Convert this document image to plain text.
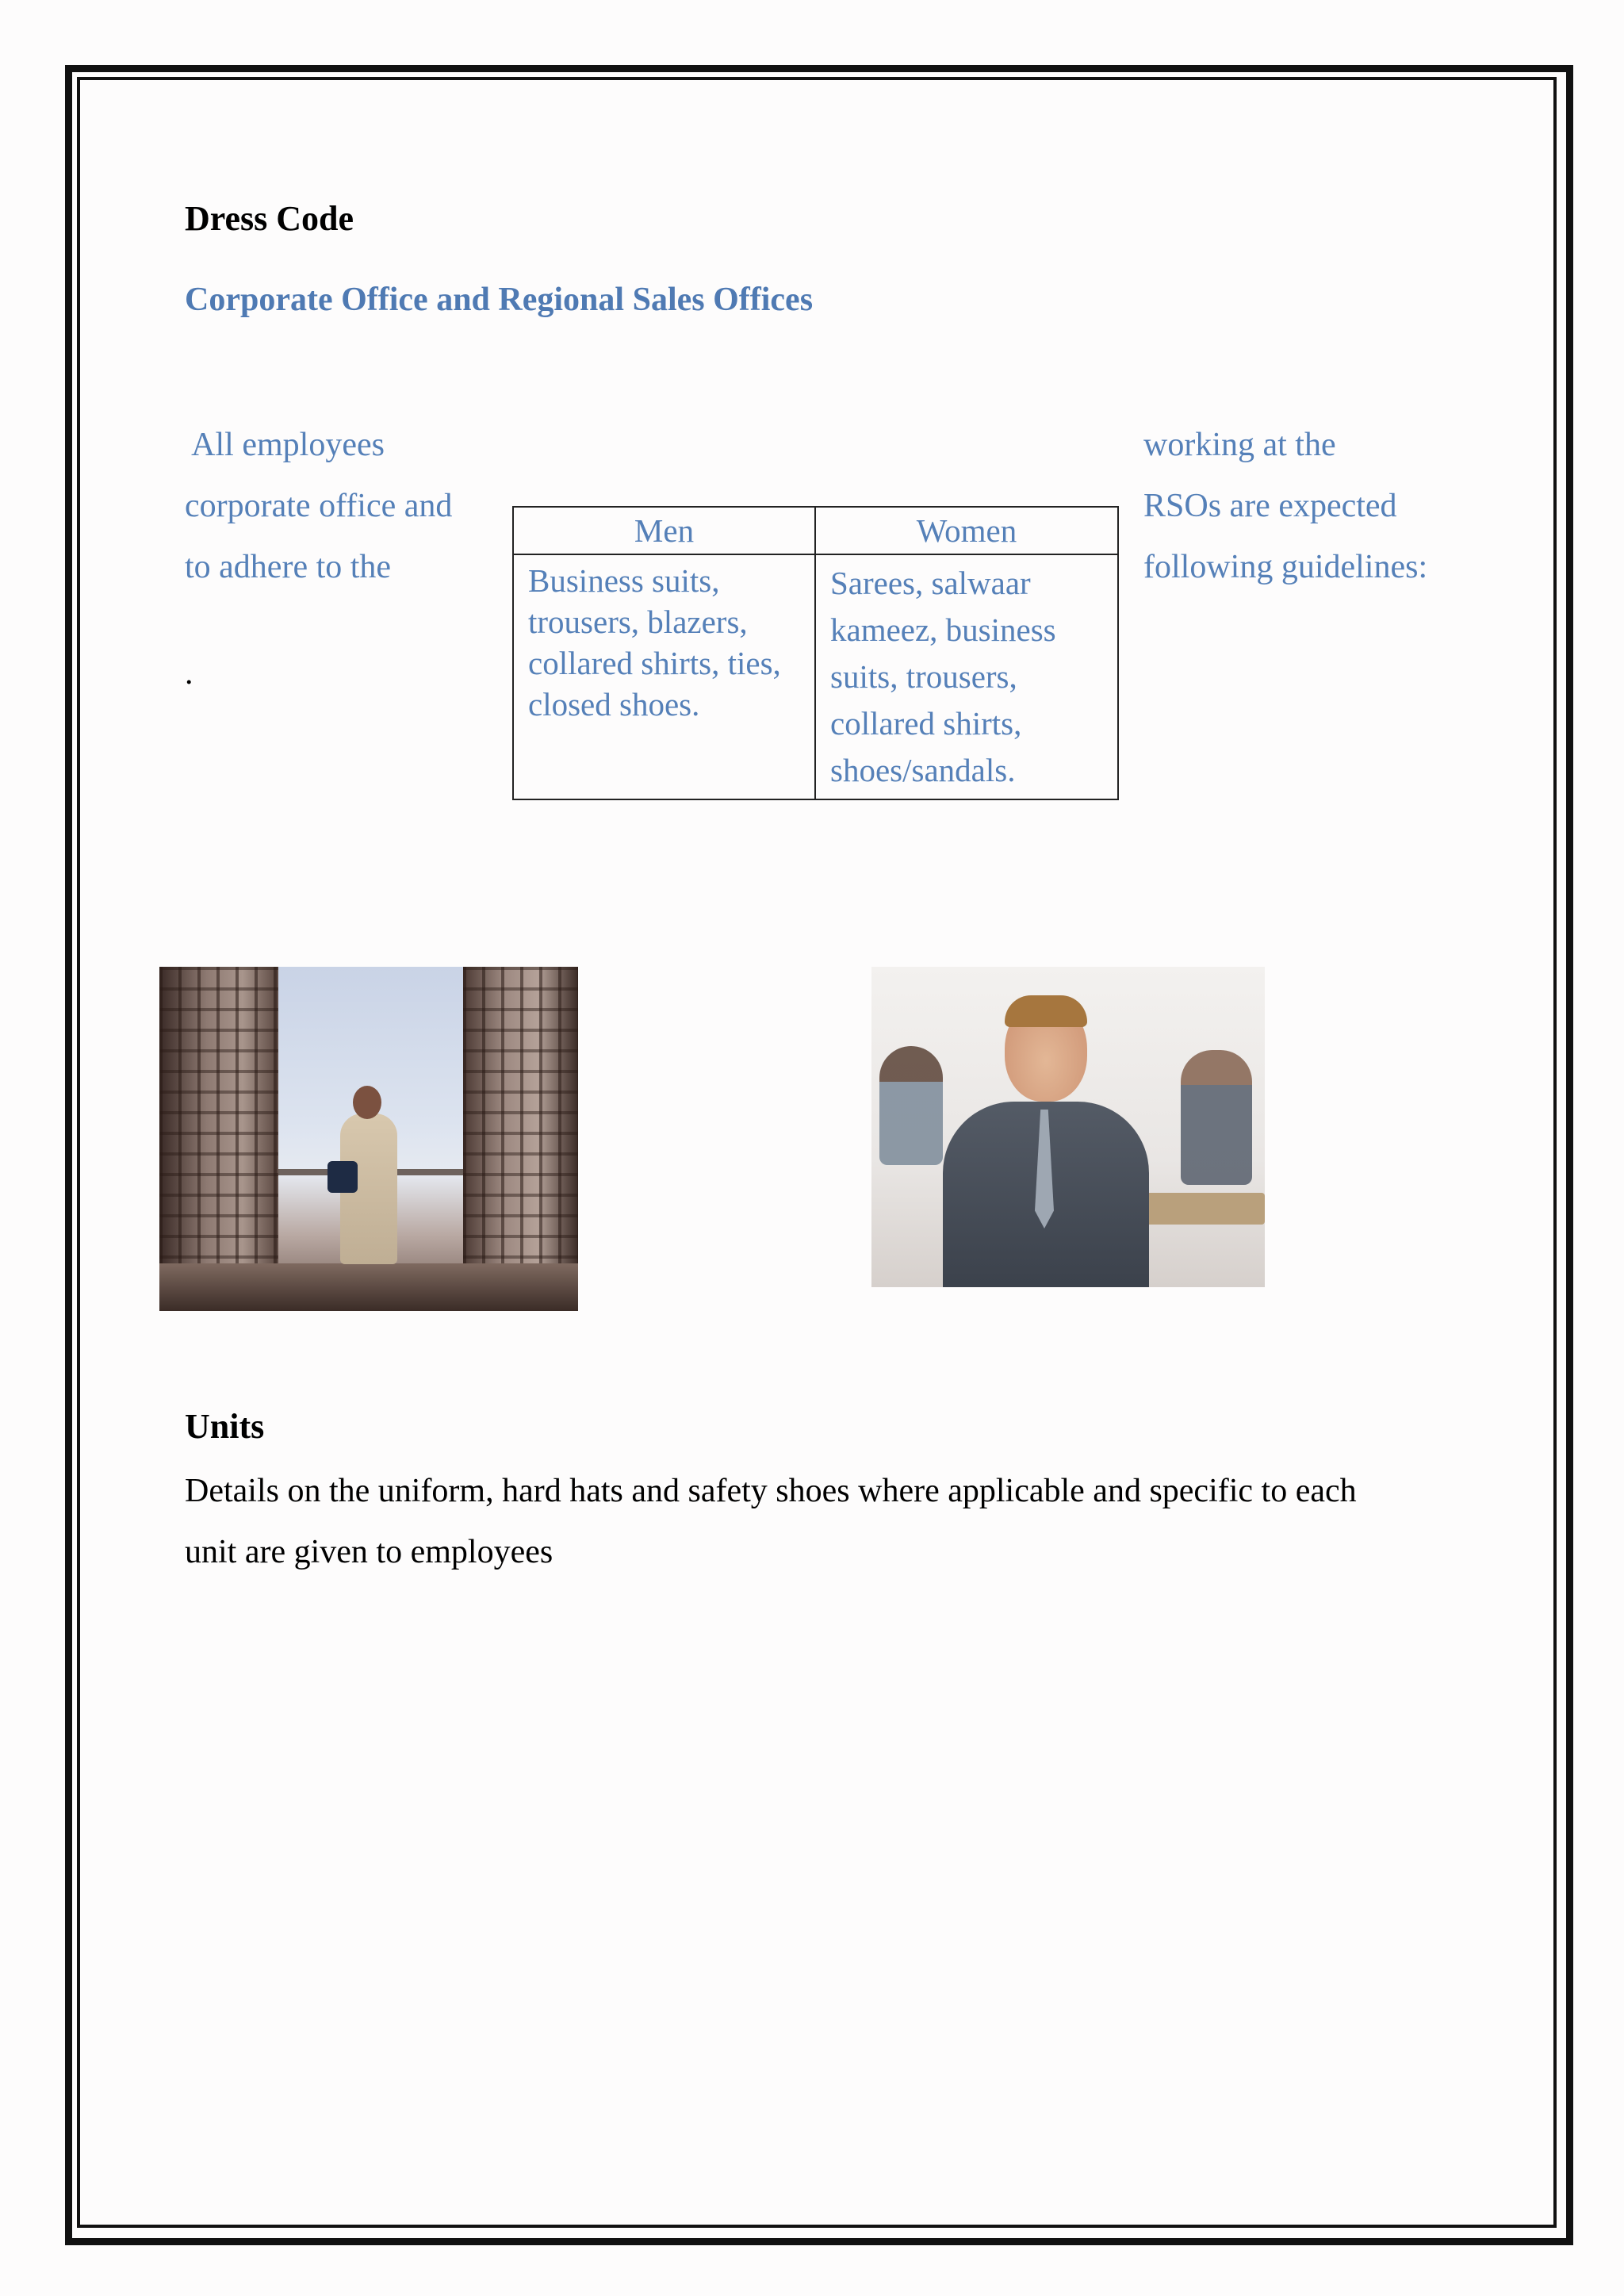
Dress Code
Corporate Office and Regional Sales Offices
All employees
corporate office and
to adhere to the
.
working at the
RSOs are expected
following guidelines:
Men	Women
Business suits, trousers, blazers, collared shirts, ties, closed shoes.	Sarees, salwaar kameez, business suits, trousers, collared shirts, shoes/sandals.
Units
Details on the uniform, hard hats and safety shoes where applicable and specific to each
unit are given to employees
